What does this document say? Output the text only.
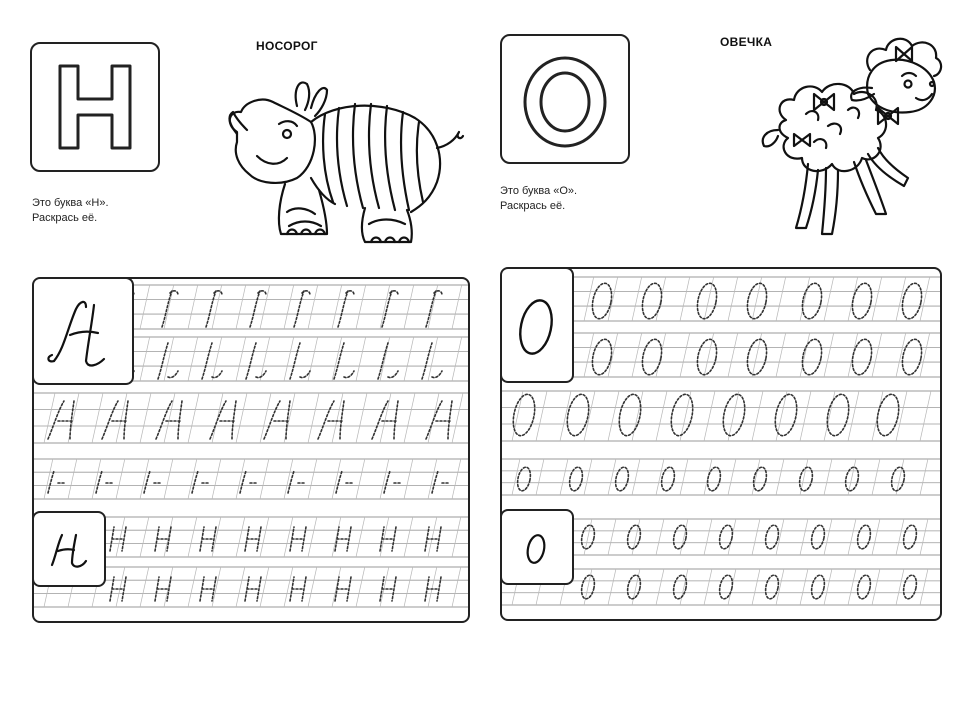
НОСОРОГ
Это буква «Н».
Раскрась её.
ОВЕЧКА
Это буква «О».
Раскрась её.
